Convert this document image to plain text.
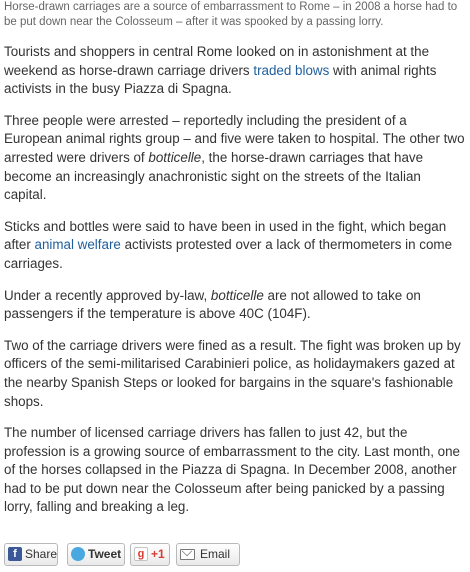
Horse-drawn carriages are a source of embarrassment to Rome – in 2008 a horse had to be put down near the Colosseum – after it was spooked by a passing lorry.

Tourists and shoppers in central Rome looked on in astonishment at the weekend as horse-drawn carriage drivers traded blows with animal rights activists in the busy Piazza di Spagna.

Three people were arrested – reportedly including the president of a European animal rights group – and five were taken to hospital. The other two arrested were drivers of botticelle, the horse-drawn carriages that have become an increasingly anachronistic sight on the streets of the Italian capital.

Sticks and bottles were said to have been in used in the fight, which began after animal welfare activists protested over a lack of thermometers in come carriages.

Under a recently approved by-law, botticelle are not allowed to take on passengers if the temperature is above 40C (104F).

Two of the carriage drivers were fined as a result. The fight was broken up by officers of the semi-militarised Carabinieri police, as holidaymakers gazed at the nearby Spanish Steps or looked for bargains in the square's fashionable shops.

The number of licensed carriage drivers has fallen to just 42, but the profession is a growing source of embarrassment to the city. Last month, one of the horses collapsed in the Piazza di Spagna. In December 2008, another had to be put down near the Colosseum after being panicked by a passing lorry, falling and breaking a leg.

f Share	Tweet	g +1	Email
